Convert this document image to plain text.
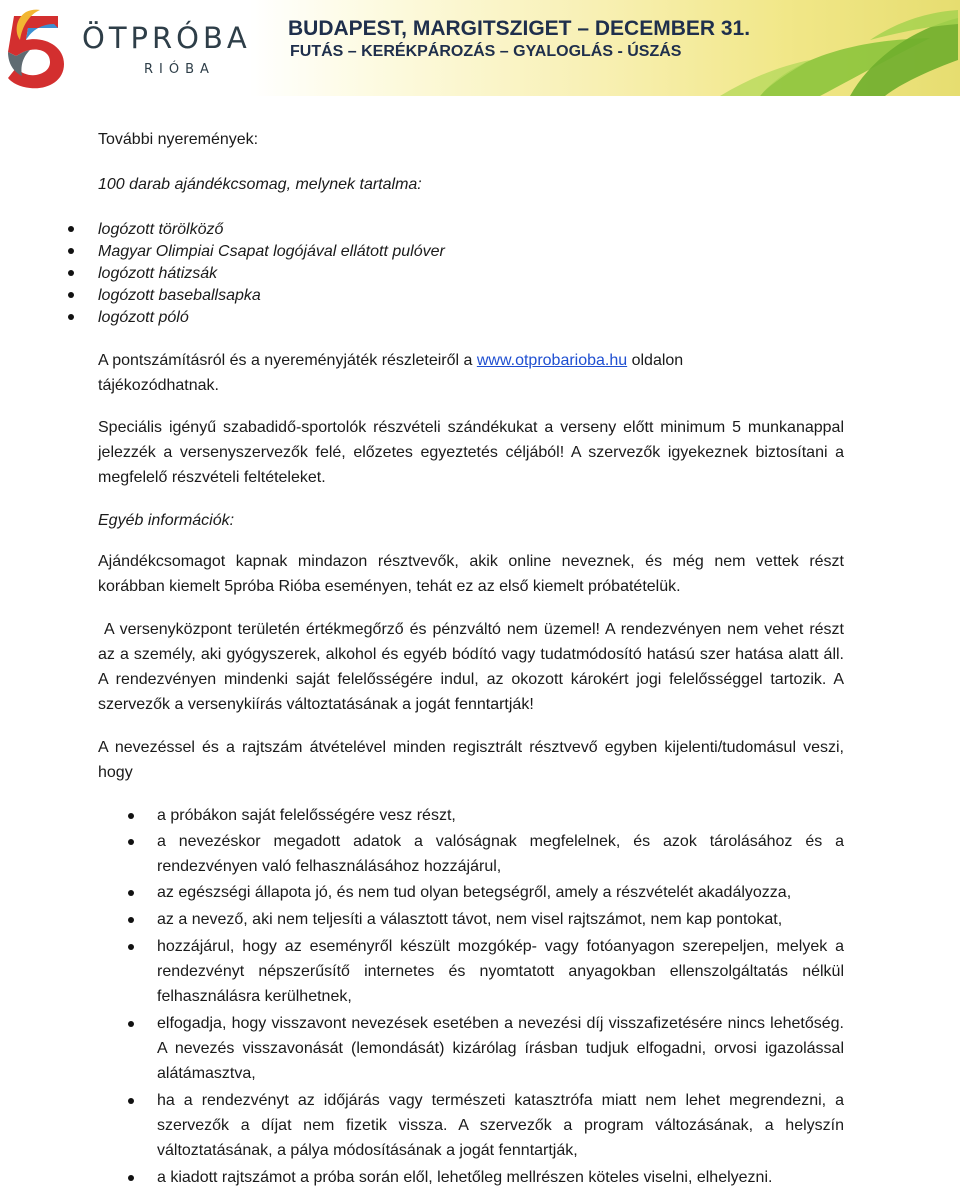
ÖTPRÓBA
RIÓBA
BUDAPEST, MARGITSZIGET – DECEMBER 31.
FUTÁS – KERÉKPÁROZÁS – GYALOGLÁS - ÚSZÁS

További nyeremények:

100 darab ajándékcsomag, melynek tartalma:

logózott törölköző
Magyar Olimpiai Csapat logójával ellátott pulóver
logózott hátizsák
logózott baseballsapka
logózott póló

A pontszámításról és a nyereményjáték részleteiről a www.otprobarioba.hu oldalon tájékozódhatnak.

Speciális igényű szabadidő-sportolók részvételi szándékukat a verseny előtt minimum 5 munkanappal jelezzék a versenyszervezők felé, előzetes egyeztetés céljából! A szervezők igyekeznek biztosítani a megfelelő részvételi feltételeket.

Egyéb információk:

Ajándékcsomagot kapnak mindazon résztvevők, akik online neveznek, és még nem vettek részt korábban kiemelt 5próba Rióba eseményen, tehát ez az első kiemelt próbatételük.

A versenyközpont területén értékmegőrző és pénzváltó nem üzemel! A rendezvényen nem vehet részt az a személy, aki gyógyszerek, alkohol és egyéb bódító vagy tudatmódosító hatású szer hatása alatt áll. A rendezvényen mindenki saját felelősségére indul, az okozott károkért jogi felelősséggel tartozik. A szervezők a versenykiírás változtatásának a jogát fenntartják!

A nevezéssel és a rajtszám átvételével minden regisztrált résztvevő egyben kijelenti/tudomásul veszi, hogy

a próbákon saját felelősségére vesz részt,
a nevezéskor megadott adatok a valóságnak megfelelnek, és azok tárolásához és a rendezvényen való felhasználásához hozzájárul,
az egészségi állapota jó, és nem tud olyan betegségről, amely a részvételét akadályozza,
az a nevező, aki nem teljesíti a választott távot, nem visel rajtszámot, nem kap pontokat,
hozzájárul, hogy az eseményről készült mozgókép- vagy fotóanyagon szerepeljen, melyek a rendezvényt népszerűsítő internetes és nyomtatott anyagokban ellenszolgáltatás nélkül felhasználásra kerülhetnek,
elfogadja, hogy visszavont nevezések esetében a nevezési díj visszafizetésére nincs lehetőség. A nevezés visszavonását (lemondását) kizárólag írásban tudjuk elfogadni, orvosi igazolással alátámasztva,
ha a rendezvényt az időjárás vagy természeti katasztrófa miatt nem lehet megrendezni, a szervezők a díjat nem fizetik vissza. A szervezők a program változásának, a helyszín változtatásának, a pálya módosításának a jogát fenntartják,
a kiadott rajtszámot a próba során elől, lehetőleg mellrészen köteles viselni, elhelyezni.
